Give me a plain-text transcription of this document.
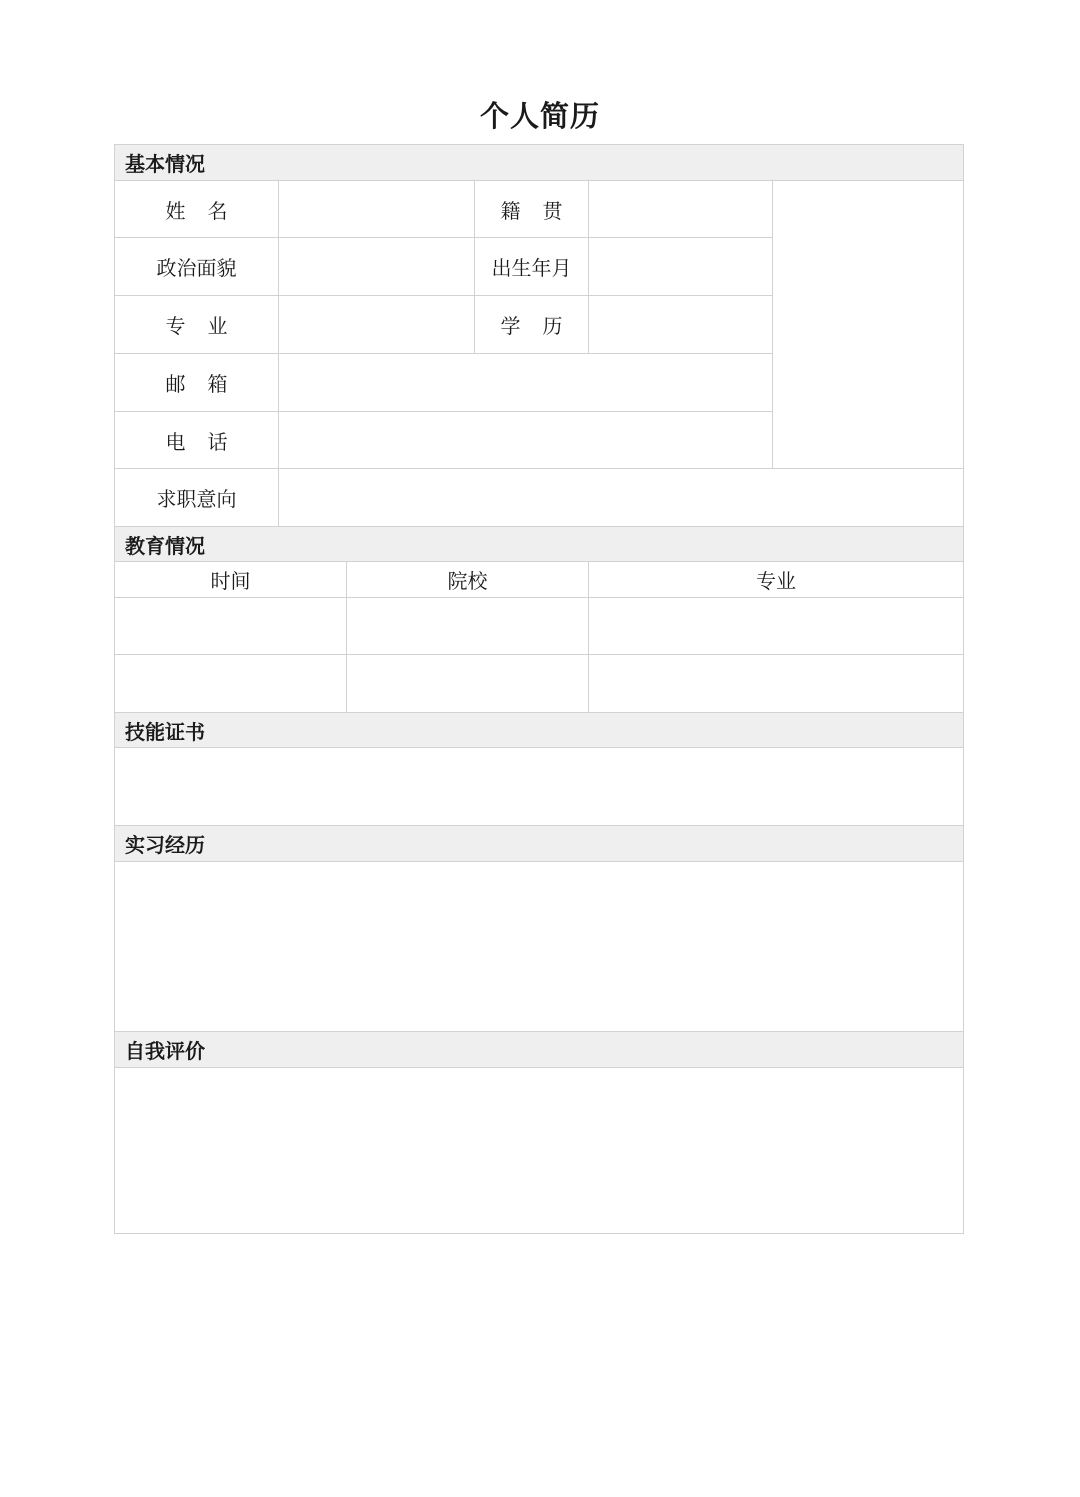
个人简历
基本情况					
姓 名			籍 贯		
政治面貌			出生年月		
专 业			学 历		
邮 箱					
电 话					
求职意向					
教育情况					
时间		院校		专业	

技能证书					

实习经历					

自我评价					
